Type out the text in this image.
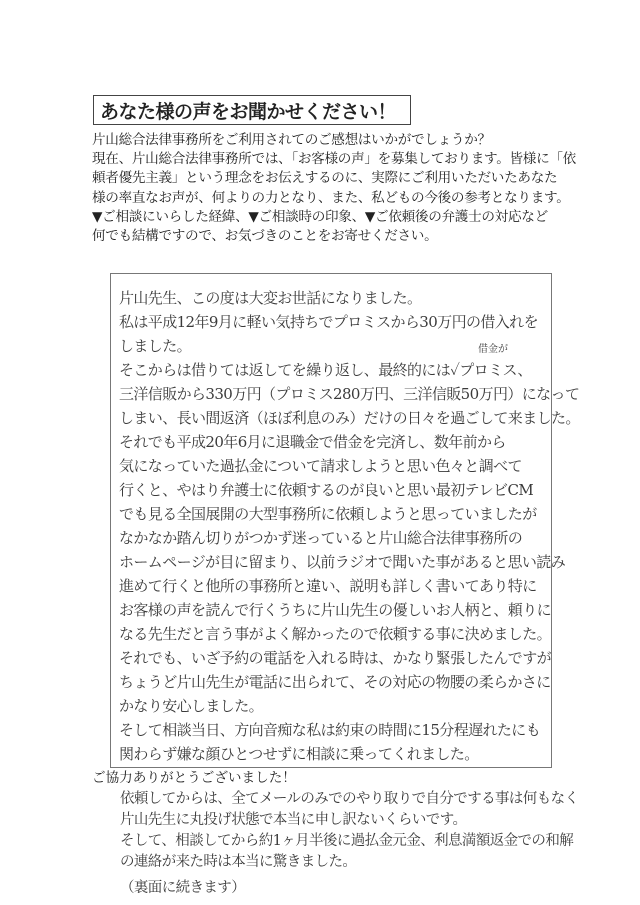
あなた様の声をお聞かせください！
片山総合法律事務所をご利用されてのご感想はいかがでしょうか？
現在、片山総合法律事務所では、「お客様の声」を募集しております。皆様に「依
頼者優先主義」という理念をお伝えするのに、実際にご利用いただいたあなた
様の率直なお声が、何よりの力となり、また、私どもの今後の参考となります。
▼ご相談にいらした経緯、▼ご相談時の印象、▼ご依頼後の弁護士の対応など
何でも結構ですので、お気づきのことをお寄せください。
借金が
片山先生、この度は大変お世話になりました。
私は平成12年9月に軽い気持ちでプロミスから30万円の借入れを
しました。
そこからは借りては返してを繰り返し、最終的には✓プロミス、
三洋信販から330万円（プロミス280万円、三洋信販50万円）になって
しまい、長い間返済（ほぼ利息のみ）だけの日々を過ごして来ました。
それでも平成20年6月に退職金で借金を完済し、数年前から
気になっていた過払金について請求しようと思い色々と調べて
行くと、やはり弁護士に依頼するのが良いと思い最初テレビCM
でも見る全国展開の大型事務所に依頼しようと思っていましたが
なかなか踏ん切りがつかず迷っていると片山総合法律事務所の
ホームページが目に留まり、以前ラジオで聞いた事があると思い読み
進めて行くと他所の事務所と違い、説明も詳しく書いてあり特に
お客様の声を読んで行くうちに片山先生の優しいお人柄と、頼りに
なる先生だと言う事がよく解かったので依頼する事に決めました。
それでも、いざ予約の電話を入れる時は、かなり緊張したんですが
ちょうど片山先生が電話に出られて、その対応の物腰の柔らかさに
かなり安心しました。
そして相談当日、方向音痴な私は約束の時間に15分程遅れたにも
関わらず嫌な顔ひとつせずに相談に乗ってくれました。
ご協力ありがとうございました！
依頼してからは、全てメールのみでのやり取りで自分でする事は何もなく
片山先生に丸投げ状態で本当に申し訳ないくらいです。
そして、相談してから約1ヶ月半後に過払金元金、利息満額返金での和解
の連絡が来た時は本当に驚きました。
（裏面に続きます）
